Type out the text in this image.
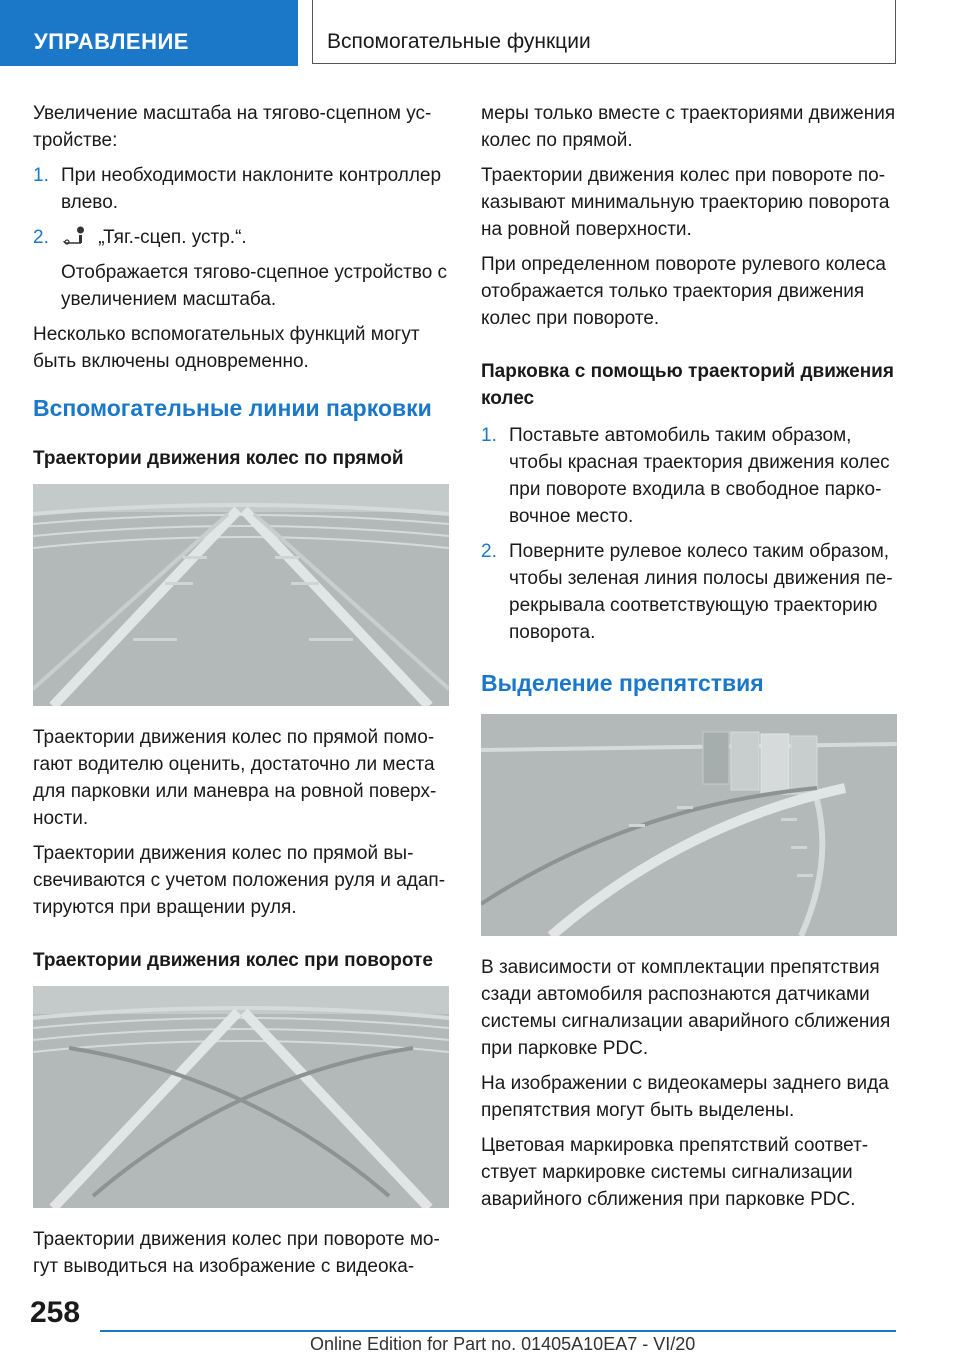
УПРАВЛЕНИЕ	Вспомогательные функции

Увеличение масштаба на тягово-сцепном ус-тройстве:

1. При необходимости наклоните контроллер влево.
2.	„Тяг.-сцеп. устр.“.

Отображается тягово-сцепное устройство с увеличением масштаба.

Несколько вспомогательных функций могут быть включены одновременно.

Вспомогательные линии парковки
Траектории движения колес по прямой

Траектории движения колес по прямой помо-гают водителю оценить, достаточно ли места для парковки или маневра на ровной поверх-ности.

Траектории движения колес по прямой вы-свечиваются с учетом положения руля и адап-тируются при вращении руля.

Траектории движения колес при повороте

Траектории движения колес при повороте мо-гут выводиться на изображение с видеока-

меры только вместе с траекториями движения колес по прямой.

Траектории движения колес при повороте по-казывают минимальную траекторию поворота на ровной поверхности.

При определенном повороте рулевого колеса отображается только траектория движения колес при повороте.

Парковка с помощью траекторий движения колес
1. Поставьте автомобиль таким образом, чтобы красная траектория движения колес при повороте входила в свободное парко-вочное место.
2. Поверните рулевое колесо таким образом, чтобы зеленая линия полосы движения пе-рекрывала соответствующую траекторию поворота.
Выделение препятствия

В зависимости от комплектации препятствия сзади автомобиля распознаются датчиками системы сигнализации аварийного сближения при парковке PDC.

На изображении с видеокамеры заднего вида препятствия могут быть выделены.

Цветовая маркировка препятствий соответ-ствует маркировке системы сигнализации аварийного сближения при парковке PDC.

258
Online Edition for Part no. 01405A10EA7 - VI/20
